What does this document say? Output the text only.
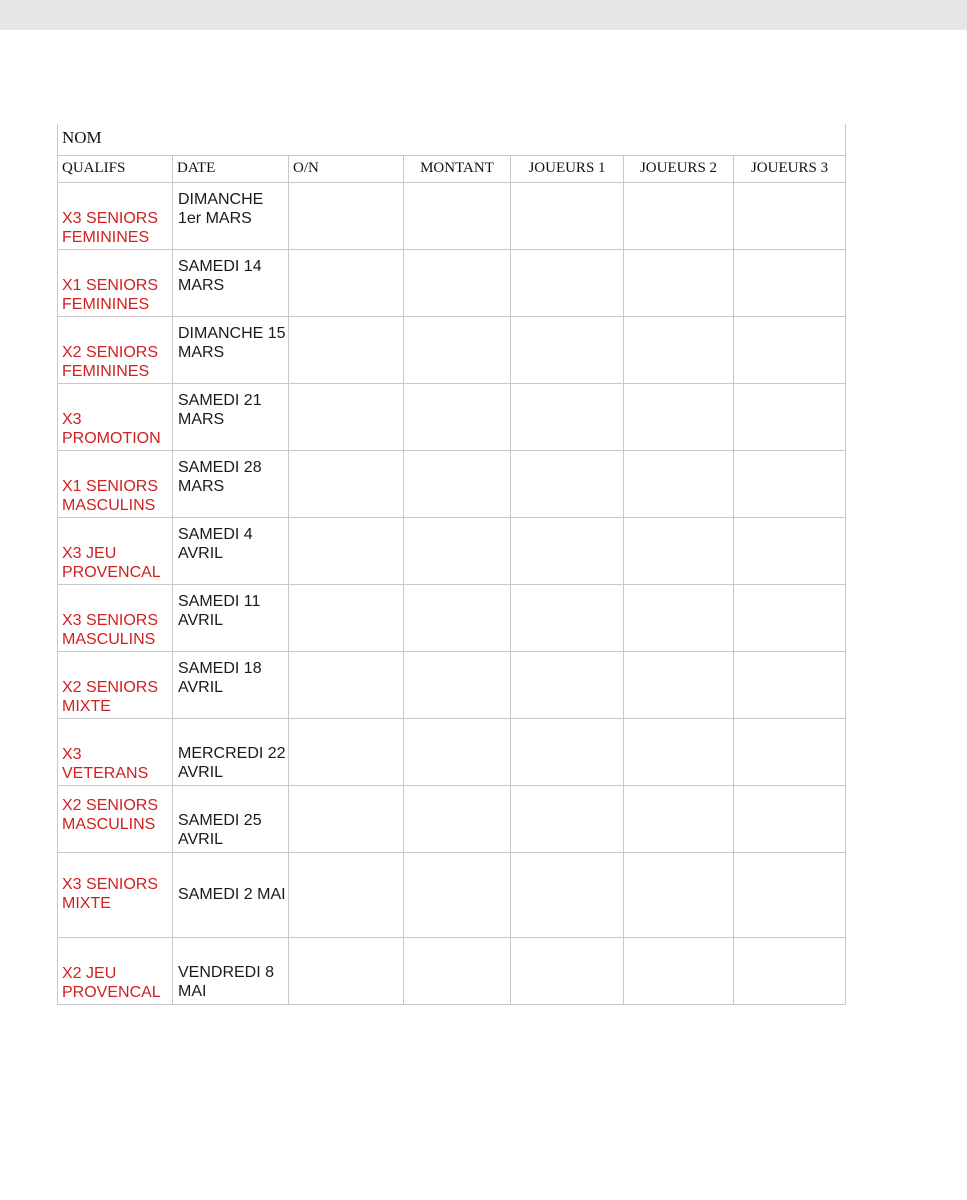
NOM						
QUALIFS	DATE	O/N	MONTANT	JOUEURS 1	JOUEURS 2	JOUEURS 3

X3 SENIORS FEMININES	DIMANCHE 1er MARS					

X1 SENIORS FEMININES	SAMEDI 14 MARS					

X2 SENIORS FEMININES	DIMANCHE 15 MARS					

X3 PROMOTION	SAMEDI 21 MARS					

X1 SENIORS MASCULINS	SAMEDI 28 MARS					

X3 JEU PROVENCAL	SAMEDI 4 AVRIL					

X3 SENIORS MASCULINS	SAMEDI 11 AVRIL					

X2 SENIORS MIXTE	SAMEDI 18 AVRIL					

X3 VETERANS	MERCREDI 22 AVRIL					

X2 SENIORS MASCULINS	SAMEDI 25 AVRIL					

X3 SENIORS MIXTE	SAMEDI 2 MAI					

X2 JEU PROVENCAL	VENDREDI 8 MAI					
